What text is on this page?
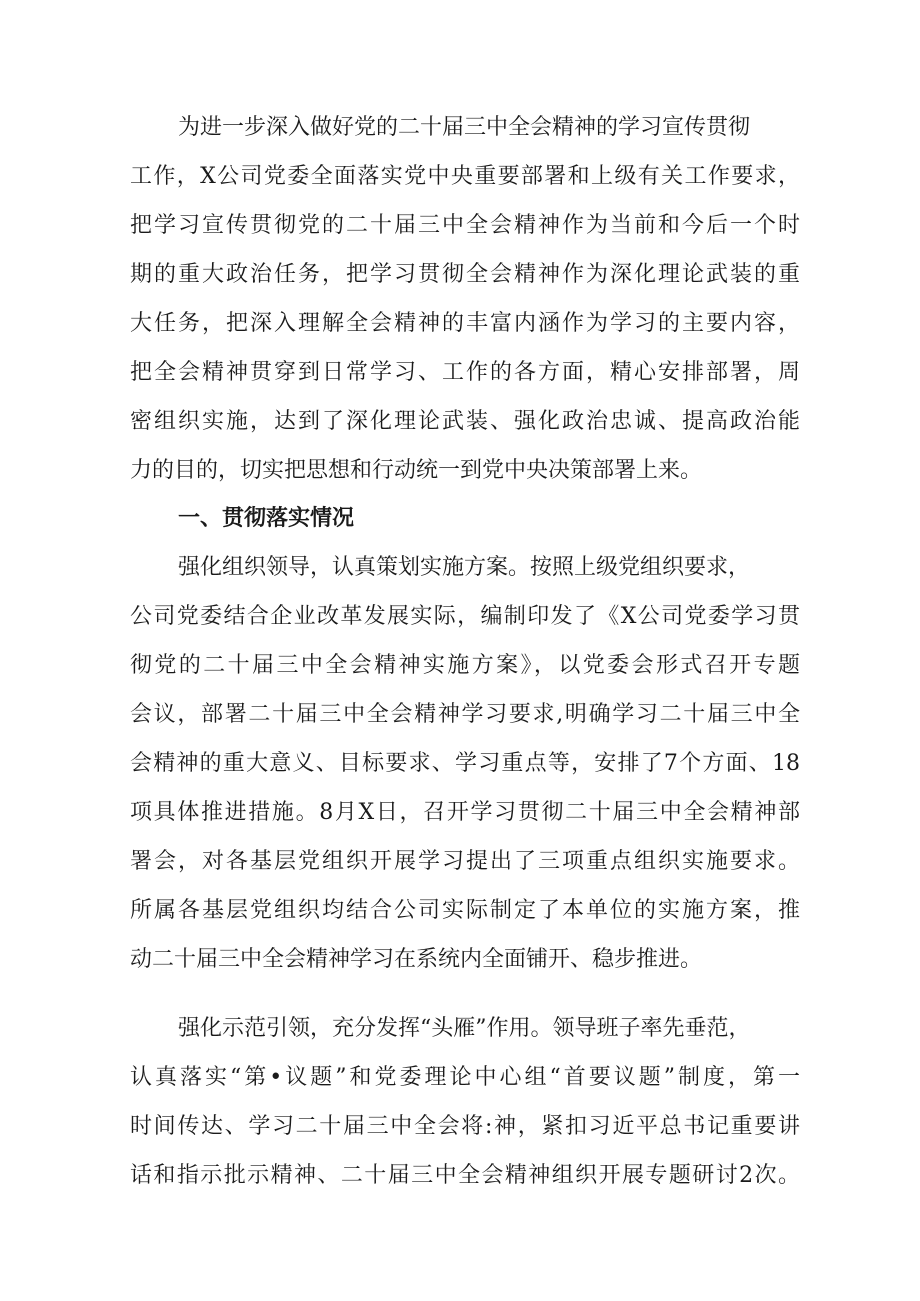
为进一步深入做好党的二十届三中全会精神的学习宣传贯彻
工作，X公司党委全面落实党中央重要部署和上级有关工作要求，
把学习宣传贯彻党的二十届三中全会精神作为当前和今后一个时
期的重大政治任务，把学习贯彻全会精神作为深化理论武装的重
大任务，把深入理解全会精神的丰富内涵作为学习的主要内容，
把全会精神贯穿到日常学习、工作的各方面，精心安排部署，周
密组织实施，达到了深化理论武装、强化政治忠诚、提高政治能
力的目的，切实把思想和行动统一到党中央决策部署上来。
一、贯彻落实情况
强化组织领导，认真策划实施方案。按照上级党组织要求，
公司党委结合企业改革发展实际，编制印发了《X公司党委学习贯
彻党的二十届三中全会精神实施方案》，以党委会形式召开专题
会议，部署二十届三中全会精神学习要求,明确学习二十届三中全
会精神的重大意义、目标要求、学习重点等，安排了7个方面、18
项具体推进措施。8月X日，召开学习贯彻二十届三中全会精神部
署会，对各基层党组织开展学习提出了三项重点组织实施要求。
所属各基层党组织均结合公司实际制定了本单位的实施方案，推
动二十届三中全会精神学习在系统内全面铺开、稳步推进。
强化示范引领，充分发挥“头雁”作用。领导班子率先垂范，
认真落实“第•议题”和党委理论中心组“首要议题”制度，第一
时间传达、学习二十届三中全会将:神，紧扣习近平总书记重要讲
话和指示批示精神、二十届三中全会精神组织开展专题研讨2次。
